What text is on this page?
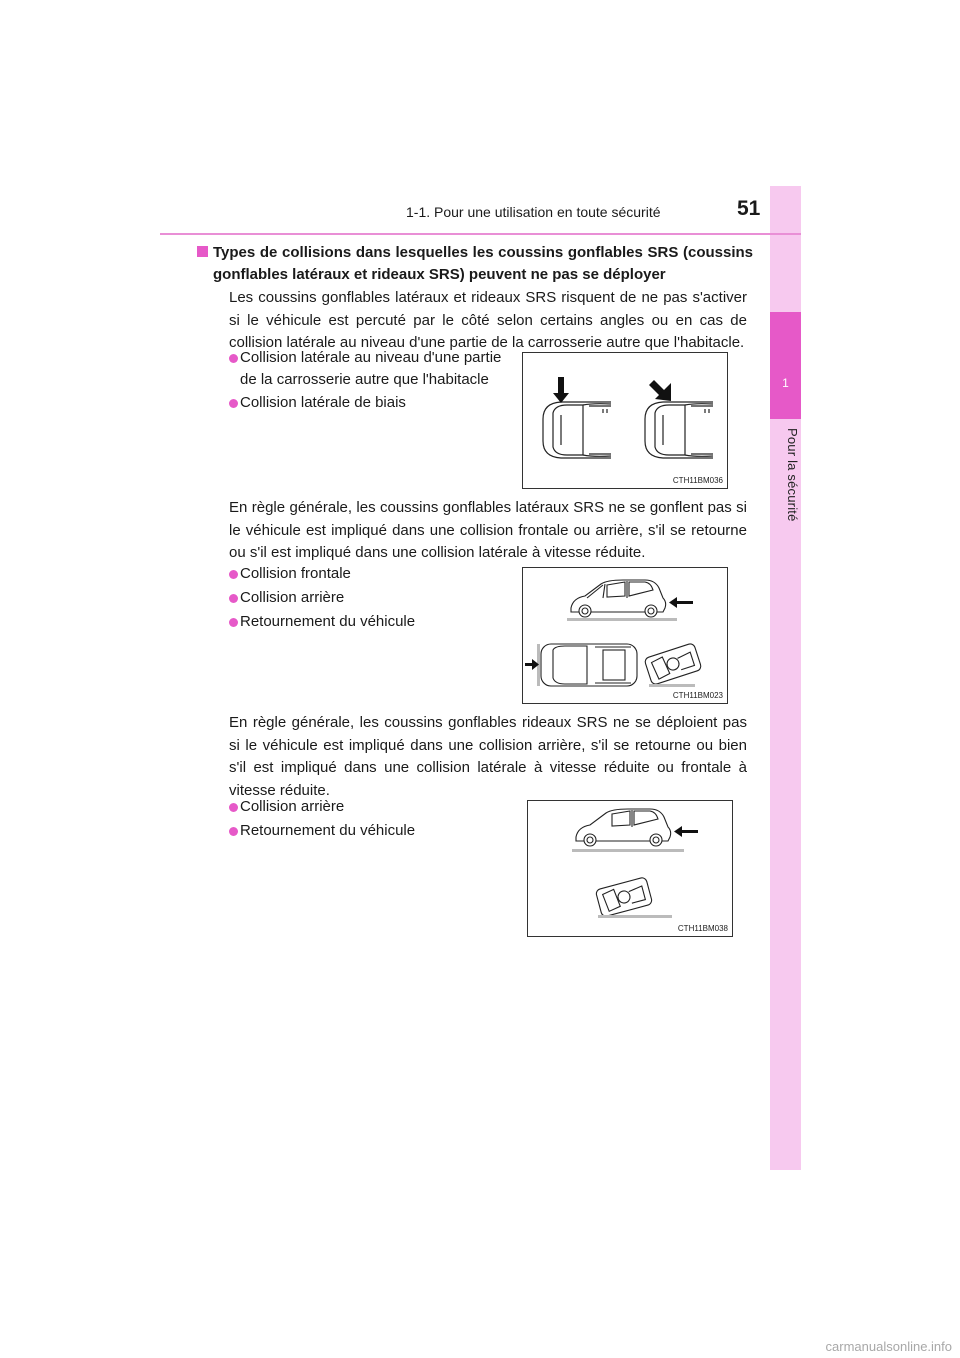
1
Pour la sécurité
1-1. Pour une utilisation en toute sécurité	51
Types de collisions dans lesquelles les coussins gonflables SRS (coussins gonflables latéraux et rideaux SRS) peuvent ne pas se déployer
Les coussins gonflables latéraux et rideaux SRS risquent de ne pas s'activer si le véhicule est percuté par le côté selon certains angles ou en cas de collision latérale au niveau d'une partie de la carrosserie autre que l'habitacle.
Collision latérale au niveau d'une partie de la carrosserie autre que l'habitacle
Collision latérale de biais
CTH11BM036
En règle générale, les coussins gonflables latéraux SRS ne se gonflent pas si le véhicule est impliqué dans une collision frontale ou arrière, s'il se retourne ou s'il est impliqué dans une collision latérale à vitesse réduite.
Collision frontale
Collision arrière
Retournement du véhicule
CTH11BM023
En règle générale, les coussins gonflables rideaux SRS ne se déploient pas si le véhicule est impliqué dans une collision arrière, s'il se retourne ou bien s'il est impliqué dans une collision latérale à vitesse réduite ou frontale à vitesse réduite.
Collision arrière
Retournement du véhicule
CTH11BM038
carmanualsonline.info
